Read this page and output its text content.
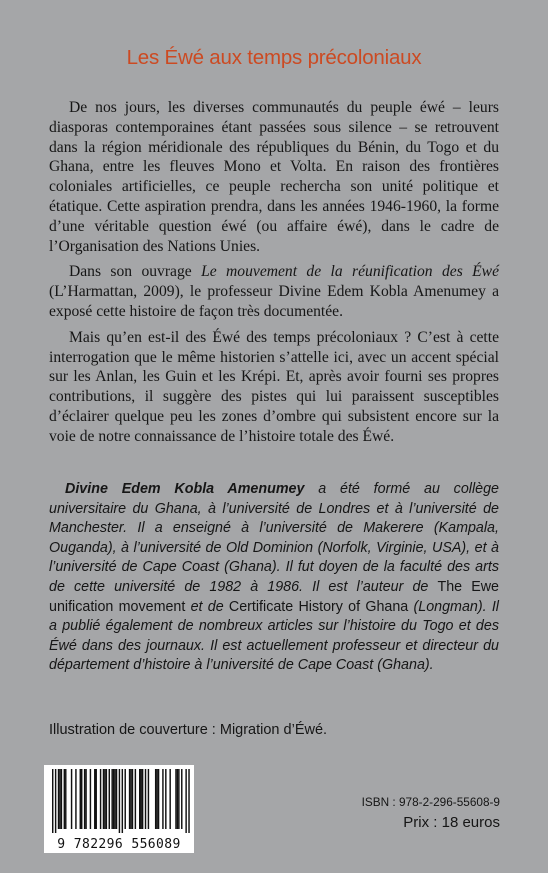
Les Éwé aux temps précoloniaux

De nos jours, les diverses communautés du peuple éwé – leurs diasporas contemporaines étant passées sous silence – se retrouvent dans la région méridionale des républiques du Bénin, du Togo et du Ghana, entre les fleuves Mono et Volta. En raison des frontières coloniales artificielles, ce peuple rechercha son unité politique et étatique. Cette aspiration prendra, dans les années 1946-1960, la forme d’une véritable question éwé (ou affaire éwé), dans le cadre de l’Organisation des Nations Unies.

Dans son ouvrage Le mouvement de la réunification des Éwé (L’Harmattan, 2009), le professeur Divine Edem Kobla Amenumey a exposé cette histoire de façon très documentée.

Mais qu’en est-il des Éwé des temps précoloniaux ? C’est à cette interrogation que le même historien s’attelle ici, avec un accent spécial sur les Anlan, les Guin et les Krépi. Et, après avoir fourni ses propres contributions, il suggère des pistes qui lui paraissent susceptibles d’éclairer quelque peu les zones d’ombre qui subsistent encore sur la voie de notre connaissance de l’histoire totale des Éwé.

Divine Edem Kobla Amenumey a été formé au collège universitaire du Ghana, à l’université de Londres et à l’université de Manchester. Il a enseigné à l’université de Makerere (Kampala, Ouganda), à l’université de Old Dominion (Norfolk, Virginie, USA), et à l’université de Cape Coast (Ghana). Il fut doyen de la faculté des arts de cette université de 1982 à 1986. Il est l’auteur de The Ewe unification movement et de Certificate History of Ghana (Longman). Il a publié également de nombreux articles sur l’histoire du Togo et des Éwé dans des journaux. Il est actuellement professeur et directeur du département d’histoire à l’université de Cape Coast (Ghana).

Illustration de couverture : Migration d’Éwé.

9 782296 556089

ISBN : 978-2-296-55608-9

Prix : 18 euros
